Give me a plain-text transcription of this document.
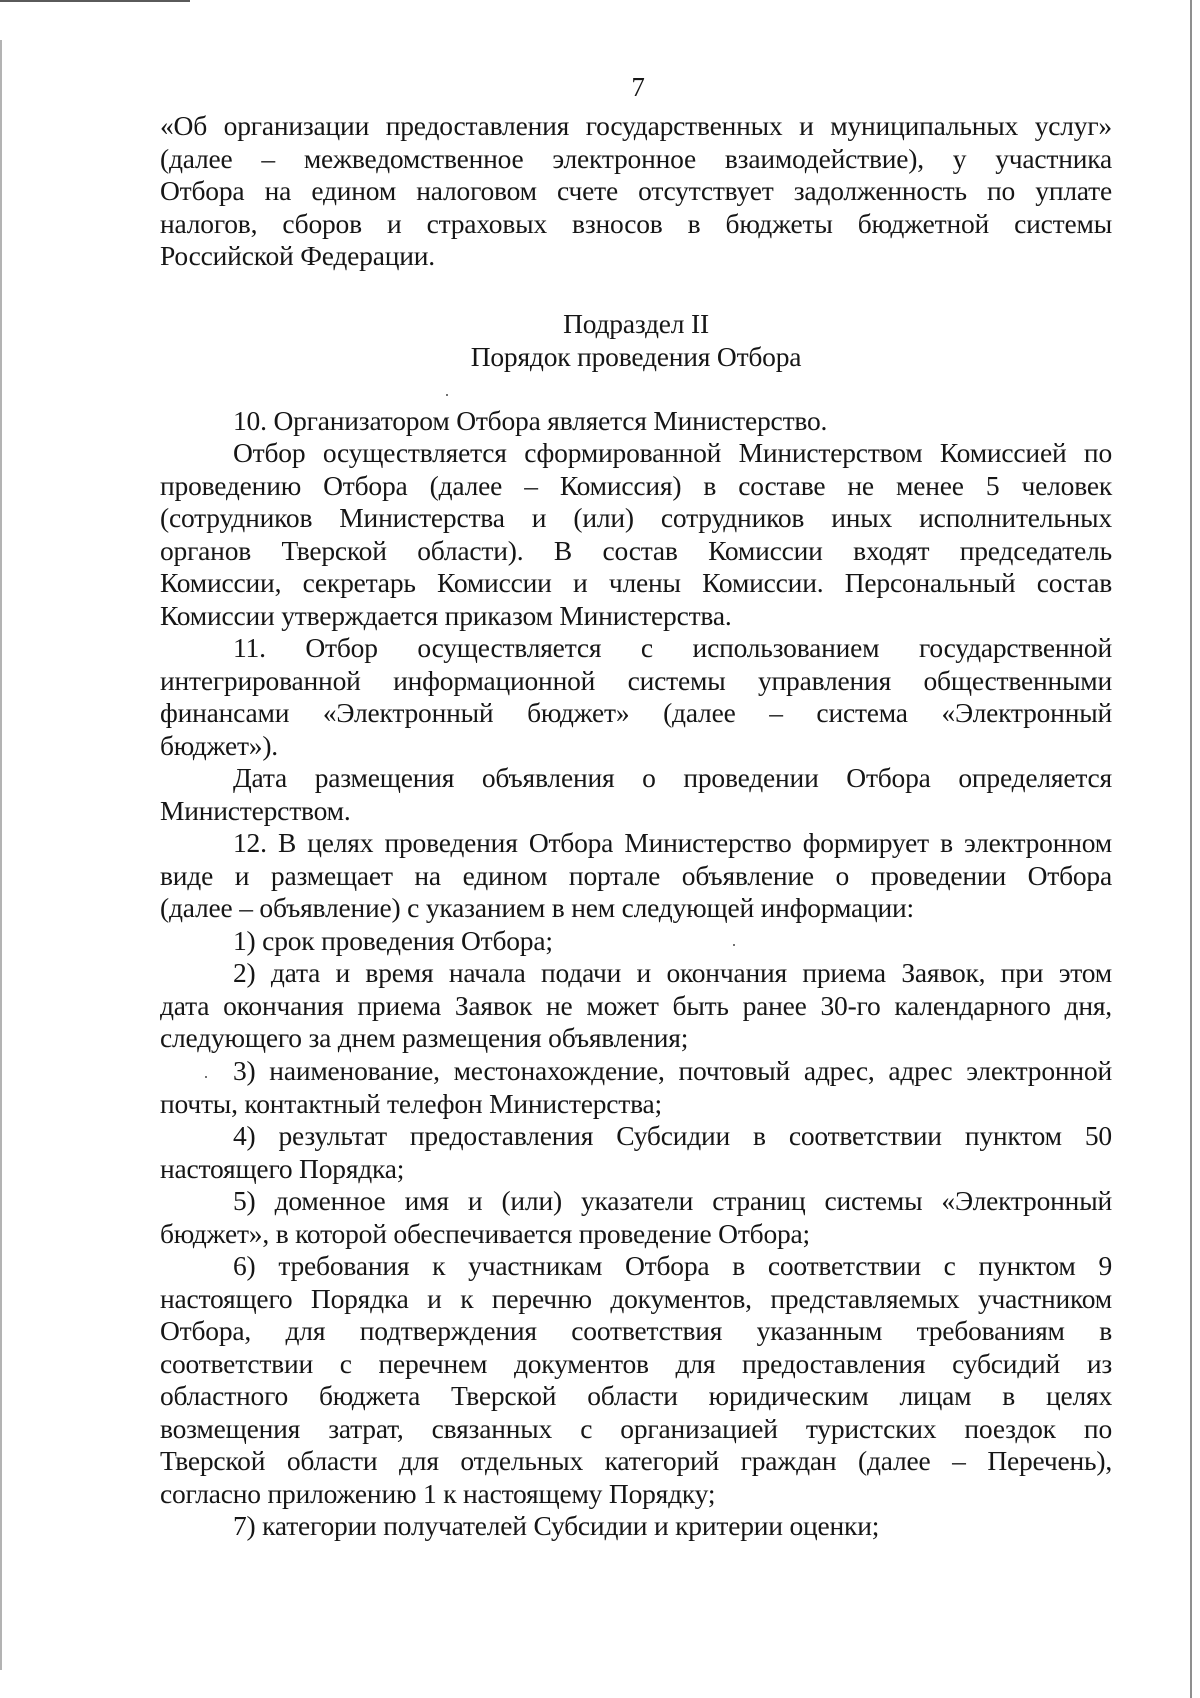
7
«Об организации предоставления государственных и муниципальных услуг»
(далее – межведомственное электронное взаимодействие), у участника
Отбора на едином налоговом счете отсутствует задолженность по уплате
налогов, сборов и страховых взносов в бюджеты бюджетной системы
Российской Федерации.
Подраздел II
Порядок проведения Отбора
10. Организатором Отбора является Министерство.
Отбор осуществляется сформированной Министерством Комиссией по
проведению Отбора (далее – Комиссия) в составе не менее 5 человек
(сотрудников Министерства и (или) сотрудников иных исполнительных
органов Тверской области). В состав Комиссии входят председатель
Комиссии, секретарь Комиссии и члены Комиссии. Персональный состав
Комиссии утверждается приказом Министерства.
11. Отбор осуществляется с использованием государственной
интегрированной информационной системы управления общественными
финансами «Электронный бюджет» (далее – система «Электронный
бюджет»).
Дата размещения объявления о проведении Отбора определяется
Министерством.
12. В целях проведения Отбора Министерство формирует в электронном
виде и размещает на едином портале объявление о проведении Отбора
(далее – объявление) с указанием в нем следующей информации:
1) срок проведения Отбора;
2) дата и время начала подачи и окончания приема Заявок, при этом
дата окончания приема Заявок не может быть ранее 30-го календарного дня,
следующего за днем размещения объявления;
3) наименование, местонахождение, почтовый адрес, адрес электронной
почты, контактный телефон Министерства;
4) результат предоставления Субсидии в соответствии пунктом 50
настоящего Порядка;
5) доменное имя и (или) указатели страниц системы «Электронный
бюджет», в которой обеспечивается проведение Отбора;
6) требования к участникам Отбора в соответствии с пунктом 9
настоящего Порядка и к перечню документов, представляемых участником
Отбора, для подтверждения соответствия указанным требованиям в
соответствии с перечнем документов для предоставления субсидий из
областного бюджета Тверской области юридическим лицам в целях
возмещения затрат, связанных с организацией туристских поездок по
Тверской области для отдельных категорий граждан (далее – Перечень),
согласно приложению 1 к настоящему Порядку;
7) категории получателей Субсидии и критерии оценки;
